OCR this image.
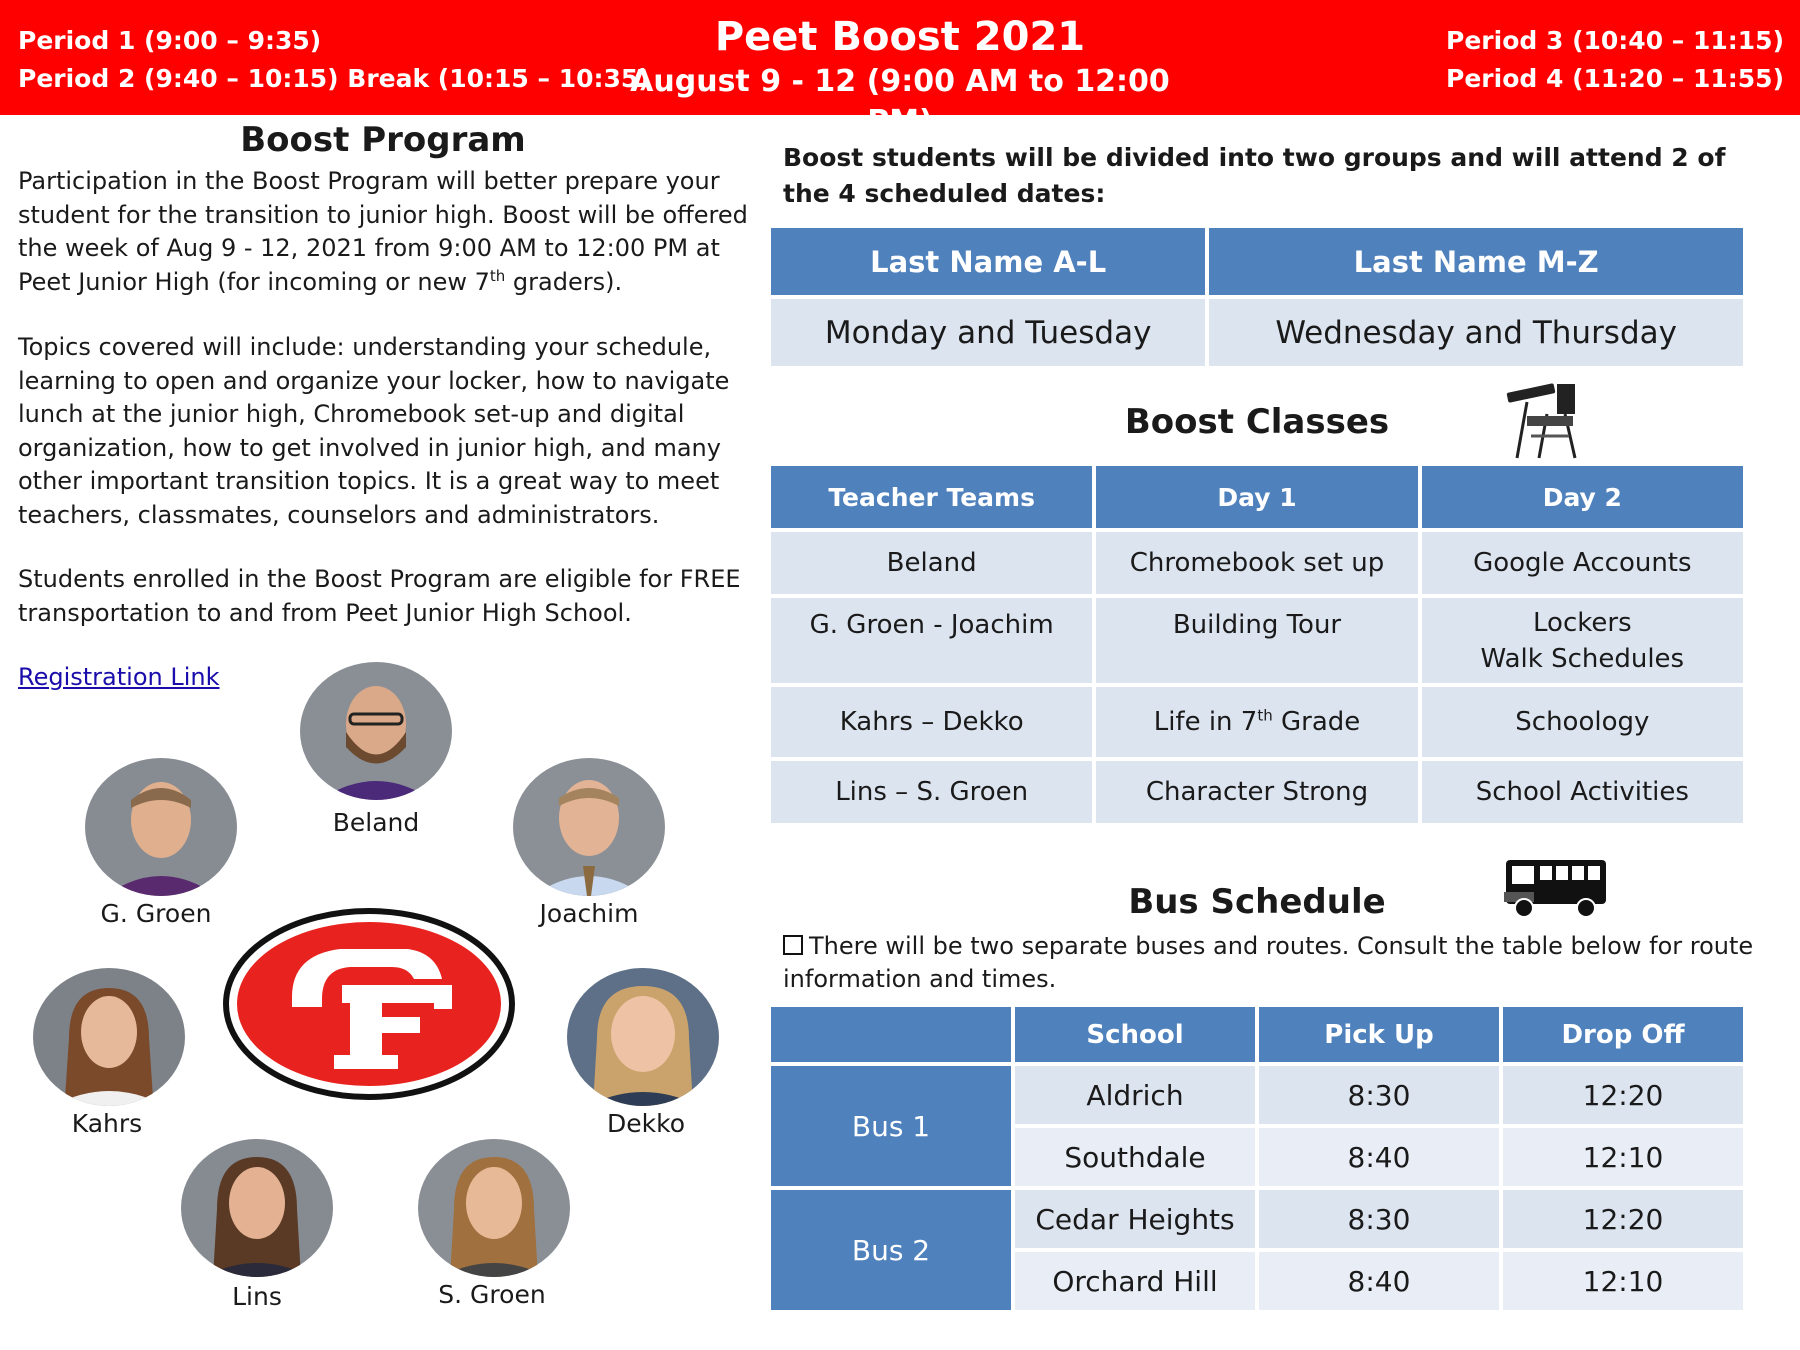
Period 1 (9:00 – 9:35)
Period 2 (9:40 – 10:15) Break (10:15 – 10:35)
Peet Boost 2021
August 9 - 12 (9:00 AM to 12:00 PM)
Period 3 (10:40 – 11:15)
Period 4 (11:20 – 11:55)
Boost Program
Participation in the Boost Program will better prepare your student for the transition to junior high. Boost will be offered the week of Aug 9 - 12, 2021 from 9:00 AM to 12:00 PM at Peet Junior High (for incoming or new 7th graders).
Topics covered will include: understanding your schedule, learning to open and organize your locker, how to navigate lunch at the junior high, Chromebook set-up and digital organization, how to get involved in junior high, and many other important transition topics. It is a great way to meet teachers, classmates, counselors and administrators.
Students enrolled in the Boost Program are eligible for FREE transportation to and from Peet Junior High School.
Registration Link
Beland
G. Groen	Joachim
Kahrs	Dekko
Lins	S. Groen
Boost students will be divided into two groups and will attend 2 of the 4 scheduled dates:
Last Name A-L	Last Name M-Z
Monday and Tuesday	Wednesday and Thursday
Boost Classes
Teacher Teams	Day 1	Day 2
Beland	Chromebook set up	Google Accounts
G. Groen - Joachim	Building Tour	Lockers
Walk Schedules

Kahrs – Dekko	Life in 7th Grade	Schoology
Lins – S. Groen	Character Strong	School Activities
Bus Schedule
There will be two separate buses and routes. Consult the table below for route information and times.
	School	Pick Up	Drop Off
Bus 1	Aldrich	8:30	12:20
	Southdale	8:40	12:10
Bus 2	Cedar Heights	8:30	12:20
	Orchard Hill	8:40	12:10
